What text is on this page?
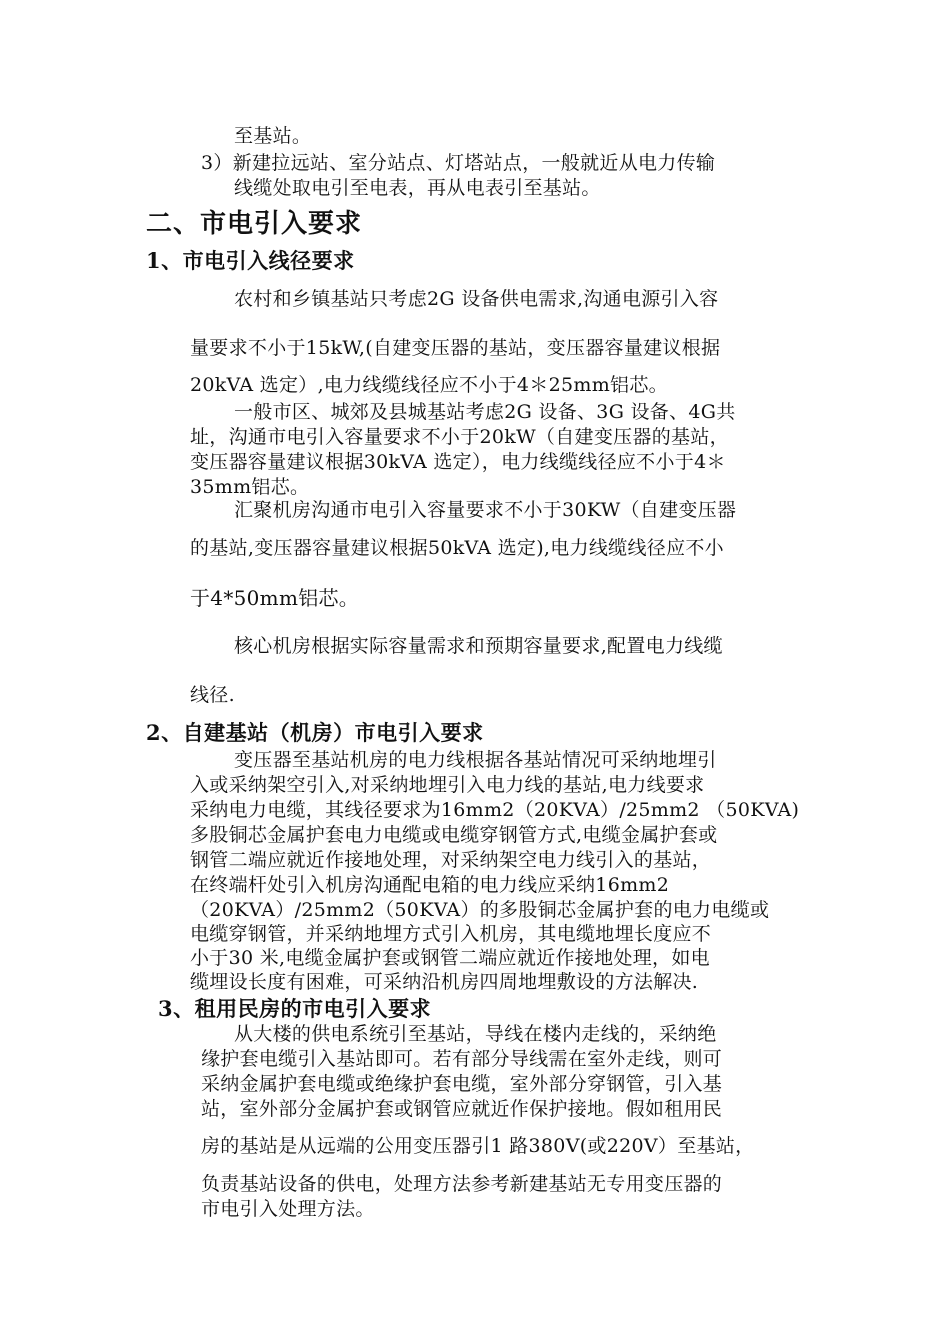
至基站。

3）新建拉远站、室分站点、灯塔站点，一般就近从电力传输

线缆处取电引至电表，再从电表引至基站。

二、市电引入要求
1、市电引入线径要求

农村和乡镇基站只考虑2G 设备供电需求,沟通电源引入容

量要求不小于15kW,(自建变压器的基站，变压器容量建议根据

20kVA 选定）,电力线缆线径应不小于4＊25mm铝芯。

一般市区、城郊及县城基站考虑2G 设备、3G 设备、4G共

址，沟通市电引入容量要求不小于20kW（自建变压器的基站，

变压器容量建议根据30kVA 选定），电力线缆线径应不小于4＊

35mm铝芯。

汇聚机房沟通市电引入容量要求不小于30KW（自建变压器

的基站,变压器容量建议根据50kVA 选定),电力线缆线径应不小

于4*50mm铝芯。

核心机房根据实际容量需求和预期容量要求,配置电力线缆

线径.

2、自建基站（机房）市电引入要求

变压器至基站机房的电力线根据各基站情况可采纳地埋引

入或采纳架空引入,对采纳地埋引入电力线的基站,电力线要求

采纳电力电缆，其线径要求为16mm2（20KVA）/25mm2 （50KVA)

多股铜芯金属护套电力电缆或电缆穿钢管方式,电缆金属护套或

钢管二端应就近作接地处理，对采纳架空电力线引入的基站，

在终端杆处引入机房沟通配电箱的电力线应采纳16mm2

（20KVA）/25mm2（50KVA）的多股铜芯金属护套的电力电缆或

电缆穿钢管，并采纳地埋方式引入机房，其电缆地埋长度应不

小于30 米,电缆金属护套或钢管二端应就近作接地处理，如电

缆埋设长度有困难，可采纳沿机房四周地埋敷设的方法解决.

3、租用民房的市电引入要求

从大楼的供电系统引至基站，导线在楼内走线的，采纳绝

缘护套电缆引入基站即可。若有部分导线需在室外走线，则可

采纳金属护套电缆或绝缘护套电缆，室外部分穿钢管，引入基

站，室外部分金属护套或钢管应就近作保护接地。假如租用民

房的基站是从远端的公用变压器引1 路380V(或220V）至基站，

负责基站设备的供电，处理方法参考新建基站无专用变压器的

市电引入处理方法。
